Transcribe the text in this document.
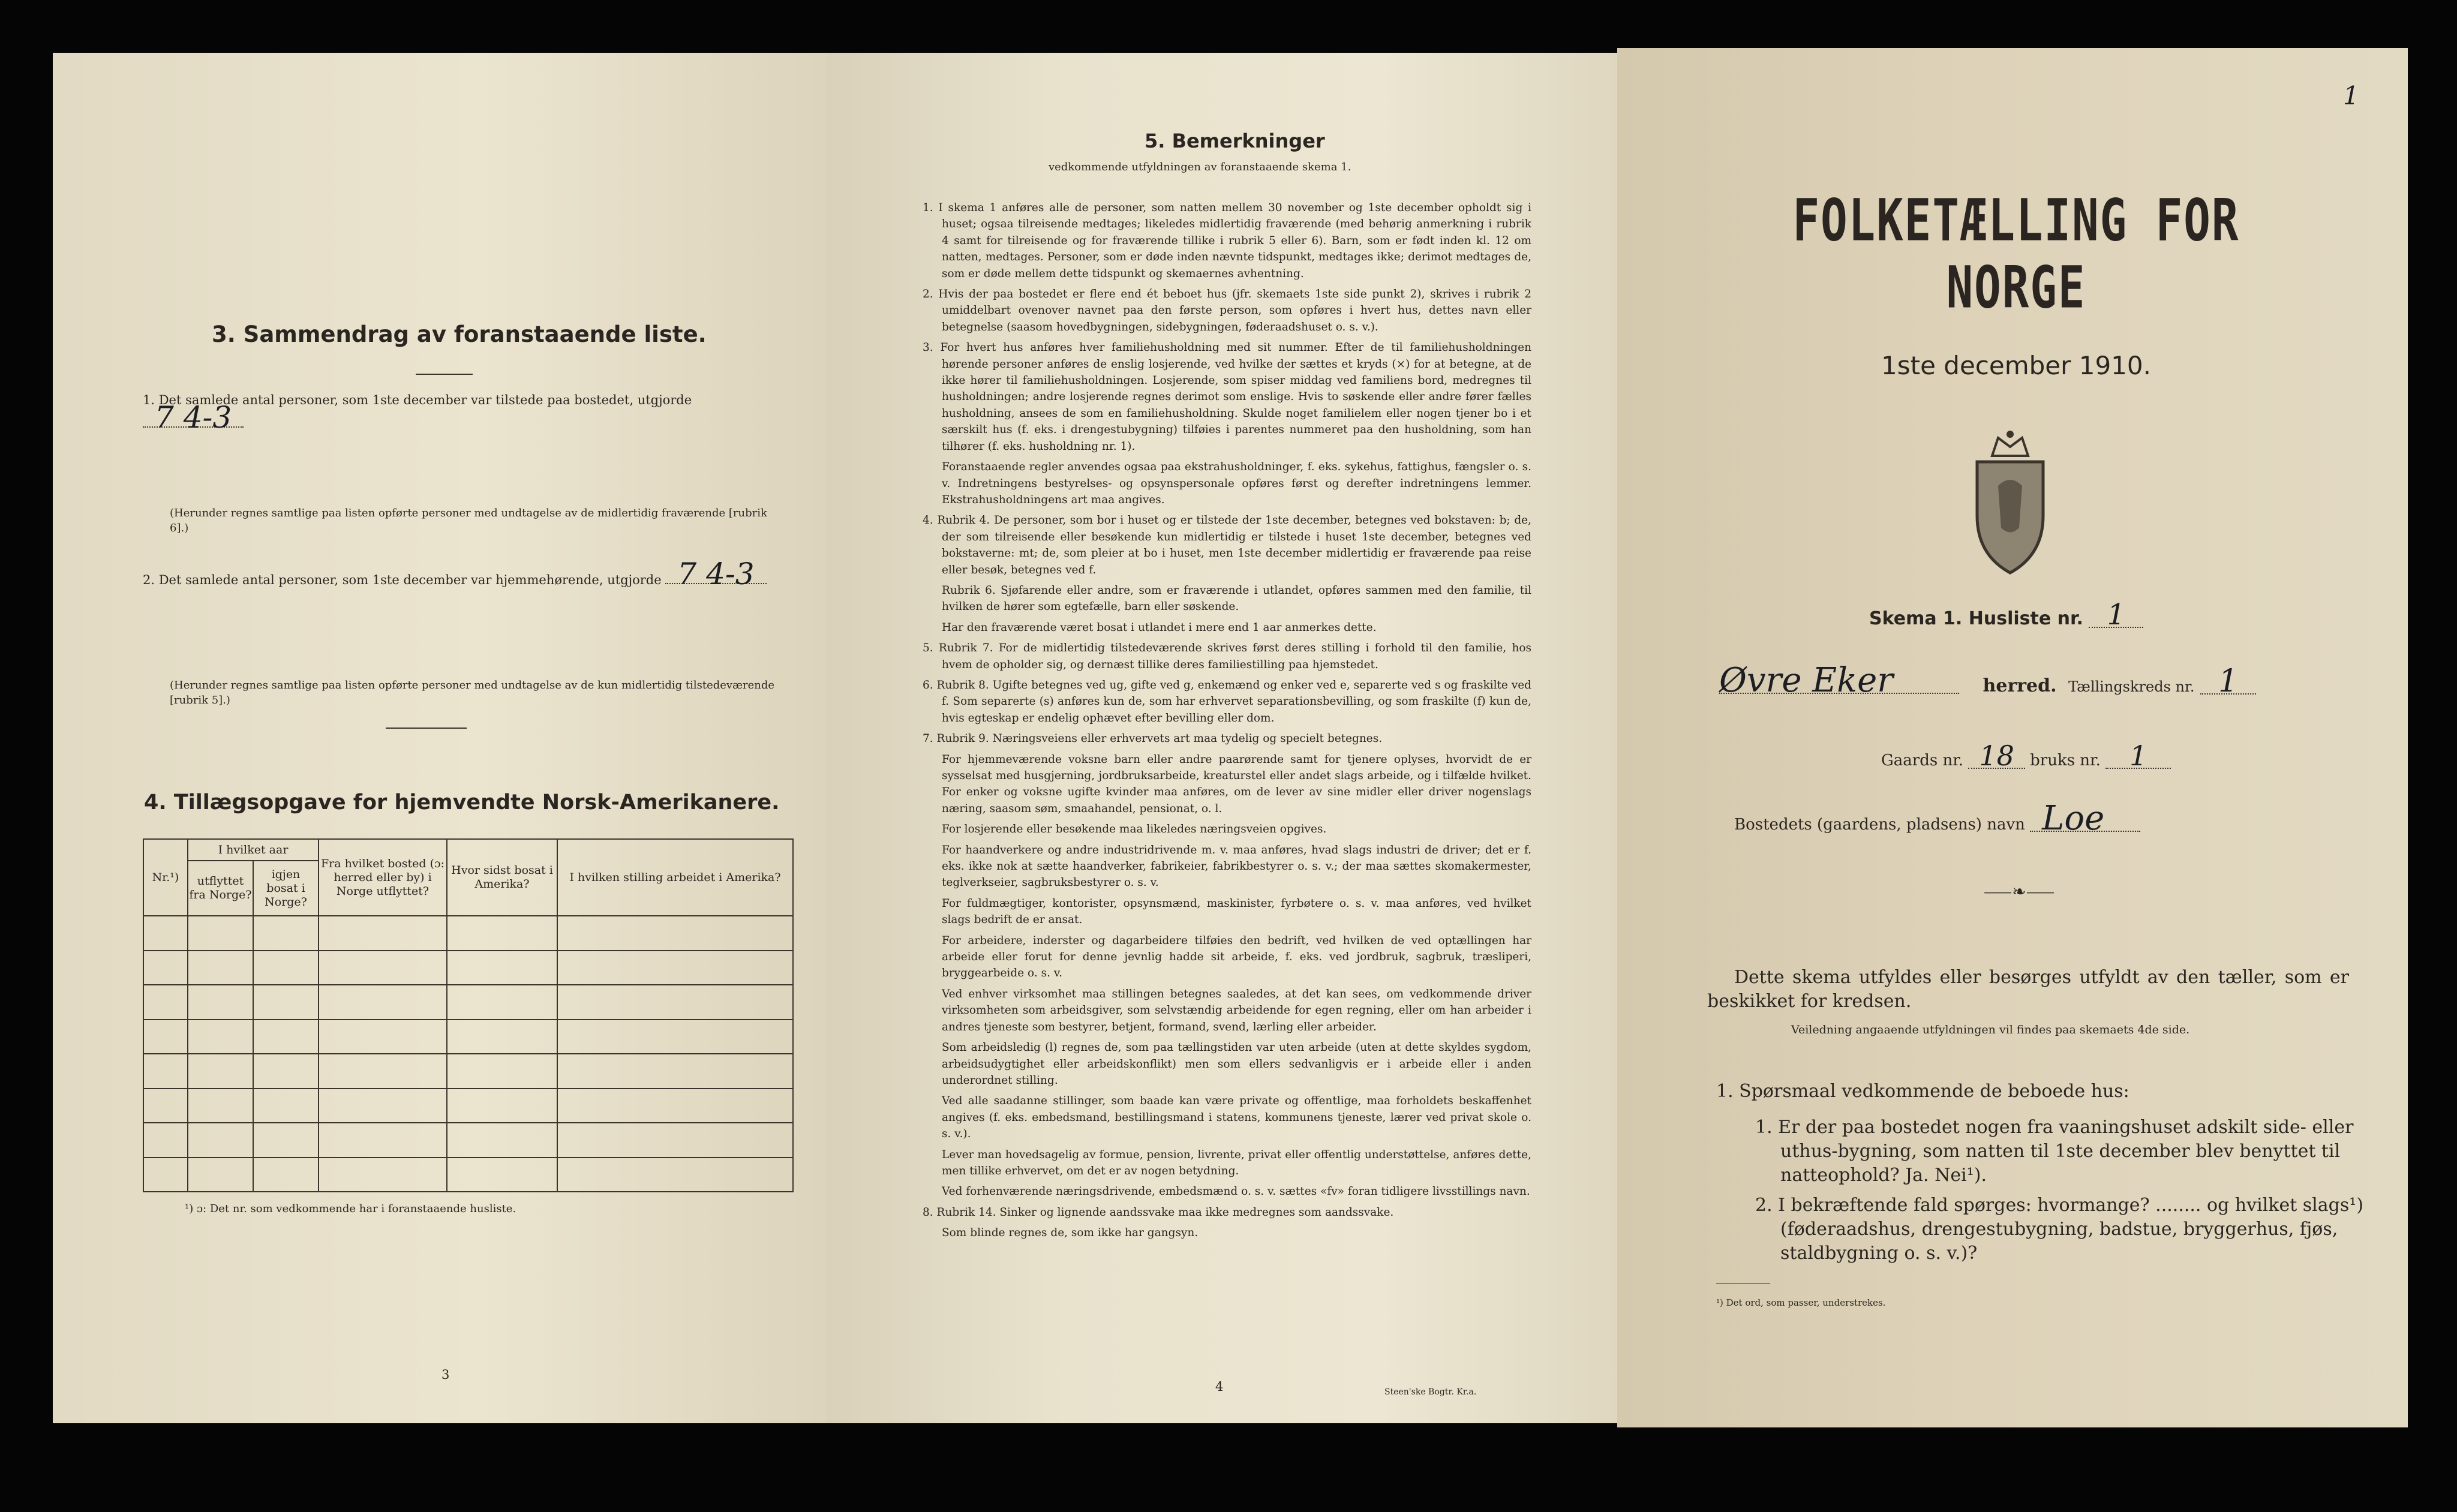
3. Sammendrag av foranstaaende liste.
1. Det samlede antal personer, som 1ste december var tilstede paa bostedet, utgjorde 7 4-3
(Herunder regnes samtlige paa listen opførte personer med undtagelse av de midlertidig fraværende [rubrik 6].)
2. Det samlede antal personer, som 1ste december var hjemmehørende, utgjorde 7 4-3
(Herunder regnes samtlige paa listen opførte personer med undtagelse av de kun midlertidig tilstedeværende [rubrik 5].)
4. Tillægsopgave for hjemvendte Norsk-Amerikanere.
Nr.¹)	I hvilket aar		Fra hvilket bosted (ɔ: herred eller by) i Norge utflyttet?	Hvor sidst bosat i Amerika?	I hvilken stilling arbeidet i Amerika?
	utflyttet fra Norge?	igjen bosat i Norge?			

¹) ɔ: Det nr. som vedkommende har i foranstaaende husliste.
3
5. Bemerkninger
vedkommende utfyldningen av foranstaaende skema 1.

1. I skema 1 anføres alle de personer, som natten mellem 30 november og 1ste december opholdt sig i huset; ogsaa tilreisende medtages; likeledes midlertidig fraværende (med behørig anmerkning i rubrik 4 samt for tilreisende og for fraværende tillike i rubrik 5 eller 6). Barn, som er født inden kl. 12 om natten, medtages. Personer, som er døde inden nævnte tidspunkt, medtages ikke; derimot medtages de, som er døde mellem dette tidspunkt og skemaernes avhentning.

2. Hvis der paa bostedet er flere end ét beboet hus (jfr. skemaets 1ste side punkt 2), skrives i rubrik 2 umiddelbart ovenover navnet paa den første person, som opføres i hvert hus, dettes navn eller betegnelse (saasom hovedbygningen, sidebygningen, føderaadshuset o. s. v.).

3. For hvert hus anføres hver familiehusholdning med sit nummer. Efter de til familiehusholdningen hørende personer anføres de enslig losjerende, ved hvilke der sættes et kryds (×) for at betegne, at de ikke hører til familiehusholdningen. Losjerende, som spiser middag ved familiens bord, medregnes til husholdningen; andre losjerende regnes derimot som enslige. Hvis to søskende eller andre fører fælles husholdning, ansees de som en familiehusholdning. Skulde noget familielem eller nogen tjener bo i et særskilt hus (f. eks. i drengestubygning) tilføies i parentes nummeret paa den husholdning, som han tilhører (f. eks. husholdning nr. 1).

Foranstaaende regler anvendes ogsaa paa ekstrahusholdninger, f. eks. sykehus, fattighus, fængsler o. s. v. Indretningens bestyrelses- og opsynspersonale opføres først og derefter indretningens lemmer. Ekstrahusholdningens art maa angives.

4. Rubrik 4. De personer, som bor i huset og er tilstede der 1ste december, betegnes ved bokstaven: b; de, der som tilreisende eller besøkende kun midlertidig er tilstede i huset 1ste december, betegnes ved bokstaverne: mt; de, som pleier at bo i huset, men 1ste december midlertidig er fraværende paa reise eller besøk, betegnes ved f.

Rubrik 6. Sjøfarende eller andre, som er fraværende i utlandet, opføres sammen med den familie, til hvilken de hører som egtefælle, barn eller søskende.

Har den fraværende været bosat i utlandet i mere end 1 aar anmerkes dette.

5. Rubrik 7. For de midlertidig tilstedeværende skrives først deres stilling i forhold til den familie, hos hvem de opholder sig, og dernæst tillike deres familiestilling paa hjemstedet.

6. Rubrik 8. Ugifte betegnes ved ug, gifte ved g, enkemænd og enker ved e, separerte ved s og fraskilte ved f. Som separerte (s) anføres kun de, som har erhvervet separationsbevilling, og som fraskilte (f) kun de, hvis egteskap er endelig ophævet efter bevilling eller dom.

7. Rubrik 9. Næringsveiens eller erhvervets art maa tydelig og specielt betegnes.

For hjemmeværende voksne barn eller andre paarørende samt for tjenere oplyses, hvorvidt de er sysselsat med husgjerning, jordbruksarbeide, kreaturstel eller andet slags arbeide, og i tilfælde hvilket. For enker og voksne ugifte kvinder maa anføres, om de lever av sine midler eller driver nogenslags næring, saasom søm, smaahandel, pensionat, o. l.

For losjerende eller besøkende maa likeledes næringsveien opgives.

For haandverkere og andre industridrivende m. v. maa anføres, hvad slags industri de driver; det er f. eks. ikke nok at sætte haandverker, fabrikeier, fabrikbestyrer o. s. v.; der maa sættes skomakermester, teglverkseier, sagbruksbestyrer o. s. v.

For fuldmægtiger, kontorister, opsynsmænd, maskinister, fyrbøtere o. s. v. maa anføres, ved hvilket slags bedrift de er ansat.

For arbeidere, inderster og dagarbeidere tilføies den bedrift, ved hvilken de ved optællingen har arbeide eller forut for denne jevnlig hadde sit arbeide, f. eks. ved jordbruk, sagbruk, træsliperi, bryggearbeide o. s. v.

Ved enhver virksomhet maa stillingen betegnes saaledes, at det kan sees, om vedkommende driver virksomheten som arbeidsgiver, som selvstændig arbeidende for egen regning, eller om han arbeider i andres tjeneste som bestyrer, betjent, formand, svend, lærling eller arbeider.

Som arbeidsledig (l) regnes de, som paa tællingstiden var uten arbeide (uten at dette skyldes sygdom, arbeidsudygtighet eller arbeidskonflikt) men som ellers sedvanligvis er i arbeide eller i anden underordnet stilling.

Ved alle saadanne stillinger, som baade kan være private og offentlige, maa forholdets beskaffenhet angives (f. eks. embedsmand, bestillingsmand i statens, kommunens tjeneste, lærer ved privat skole o. s. v.).

Lever man hovedsagelig av formue, pension, livrente, privat eller offentlig understøttelse, anføres dette, men tillike erhvervet, om det er av nogen betydning.

Ved forhenværende næringsdrivende, embedsmænd o. s. v. sættes «fv» foran tidligere livsstillings navn.

8. Rubrik 14. Sinker og lignende aandssvake maa ikke medregnes som aandssvake.

Som blinde regnes de, som ikke har gangsyn.

4	Steen'ske Bogtr. Kr.a.
1
FOLKETÆLLING FOR NORGE
1ste december 1910.
Skema 1. Husliste nr. 1
Øvre Eker	herred. Tællingskreds nr. 1
Gaards nr. 18 bruks nr. 1
Bostedets (gaardens, pladsens) navn Loe
⸺❧⸺
Dette skema utfyldes eller besørges utfyldt av den tæller, som er beskikket for kredsen.
Veiledning angaaende utfyldningen vil findes paa skemaets 4de side.
1. Spørsmaal vedkommende de beboede hus:
1. Er der paa bostedet nogen fra vaaningshuset adskilt side- eller uthus-bygning, som natten til 1ste december blev benyttet til natteophold? Ja. Nei¹).
2. I bekræftende fald spørges: hvormange? ........ og hvilket slags¹) (føderaadshus, drengestubygning, badstue, bryggerhus, fjøs, staldbygning o. s. v.)?
¹) Det ord, som passer, understrekes.
